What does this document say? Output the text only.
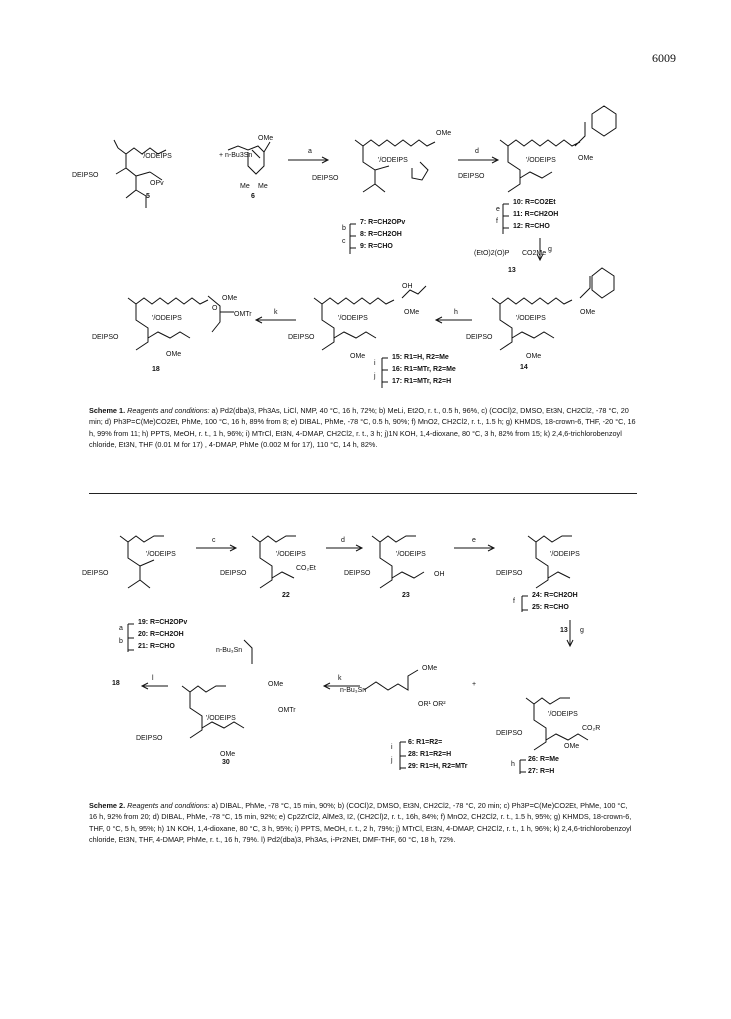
6009
DEIPSO
'/ODEIPS
OPv
OMe
Me Me
DEIPSO
'/ODEIPS
OMe
DEIPSO
'/ODEIPS	OMe
DEIPSO
'/ODEIPS
OMe
OMe
DEIPSO
'/ODEIPS
OMe
OMe
OH
DEIPSO
'/ODEIPS
OMe
OMTr
OMe
O
DEIPSO
'/ODEIPS
DEIPSO
'/ODEIPS
CO₂Et
DEIPSO
'/ODEIPS
OH	DEIPSO
'/ODEIPS
DEIPSO
'/ODEIPS
CO₂R
OMe
DEIPSO
'/ODEIPS
OMe
OMTr
OMe
n-Bu₃Sn
n-Bu₃Sn
OMe
OR¹ OR²
+
+ n-Bu3Sn
5	6
a	d
g
h
k
b
c
e
f
i
j
7: R=CH2OPv
8: R=CH2OH
9: R=CHO
10: R=CO2Et
11: R=CH2OH
12: R=CHO
(EtO)2(O)P CO2Me
13
14
15: R1=H, R2=Me
16: R1=MTr, R2=Me
17: R1=MTr, R2=H
18
Scheme 1. Reagents and conditions: a) Pd2(dba)3, Ph3As, LiCl, NMP, 40 °C, 16 h, 72%; b) MeLi, Et2O, r. t., 0.5 h, 96%, c) (COCl)2, DMSO, Et3N, CH2Cl2, -78 °C, 20 min; d) Ph3P=C(Me)CO2Et, PhMe, 100 °C, 16 h, 89% from 8; e) DIBAL, PhMe, -78 °C, 0.5 h, 90%; f) MnO2, CH2Cl2, r. t., 1.5 h; g) KHMDS, 18-crown-6, THF, -20 °C, 16 h, 99% from 11; h) PPTS, MeOH, r. t., 1 h, 96%; i) MTrCl, Et3N, 4-DMAP, CH2Cl2, r. t., 3 h; j)1N KOH, 1,4-dioxane, 80 °C, 3 h, 82% from 15; k) 2,4,6-trichlorobenzoyl chloride, Et3N, THF (0.01 M for 17) , 4-DMAP, PhMe (0.002 M for 17), 110 °C, 14 h, 82%.
c	d	e
g
k
l
a
b
f
h
i
j
19: R=CH2OPv
20: R=CH2OH
21: R=CHO
22	23	24: R=CH2OH
25: R=CHO
13
6: R1=R2=
28: R1=R2=H
29: R1=H, R2=MTr
26: R=Me
27: R=H
30
18
Scheme 2. Reagents and conditions: a) DIBAL, PhMe, -78 °C, 15 min, 90%; b) (COCl)2, DMSO, Et3N, CH2Cl2, -78 °C, 20 min; c) Ph3P=C(Me)CO2Et, PhMe, 100 °C, 16 h, 92% from 20; d) DIBAL, PhMe, -78 °C, 15 min, 92%; e) Cp2ZrCl2, AlMe3, I2, (CH2Cl)2, r. t., 16h, 84%; f) MnO2, CH2Cl2, r. t., 1.5 h, 95%; g) KHMDS, 18-crown-6, THF, 0 °C, 5 h, 95%; h) 1N KOH, 1,4-dioxane, 80 °C, 3 h, 95%; i) PPTS, MeOH, r. t., 2 h, 79%; j) MTrCl, Et3N, 4-DMAP, CH2Cl2, r. t., 1 h, 96%; k) 2,4,6-trichlorobenzoyl chloride, Et3N, THF, 4-DMAP, PhMe, r. t., 16 h, 79%. l) Pd2(dba)3, Ph3As, i-Pr2NEt, DMF-THF, 60 °C, 18 h, 72%.
